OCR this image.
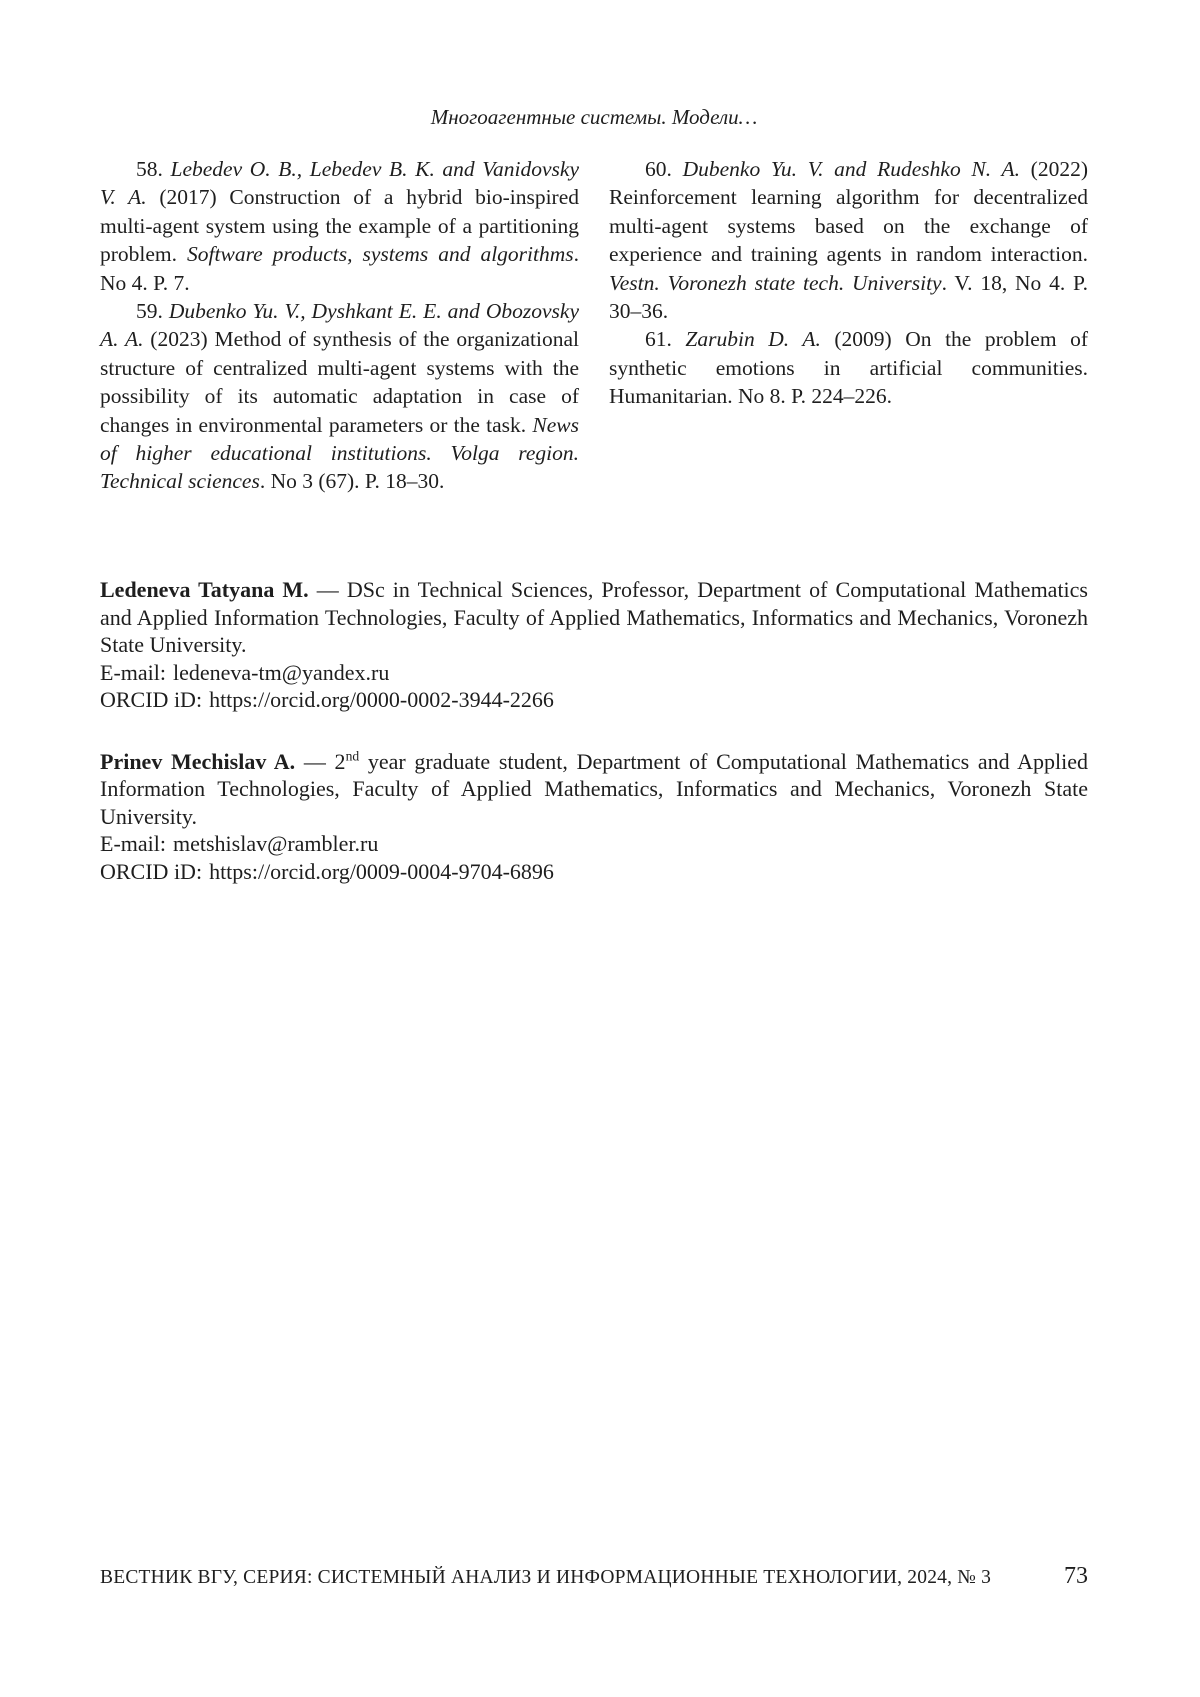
Многоагентные системы. Модели…

58. Lebedev O. B., Lebedev B. K. and Vanidovsky V. A. (2017) Construction of a hybrid bio-inspired multi-agent system using the example of a partitioning problem. Software products, systems and algorithms. No 4. P. 7.

59. Dubenko Yu. V., Dyshkant E. E. and Obozovsky A. A. (2023) Method of synthesis of the organizational structure of centralized multi-agent systems with the possibility of its automatic adaptation in case of changes in environmental parameters or the task. News of higher educational institutions. Volga region. Technical sciences. No 3 (67). P. 18–30.

60. Dubenko Yu. V. and Rudeshko N. A. (2022) Reinforcement learning algorithm for decentralized multi-agent systems based on the exchange of experience and training agents in random interaction. Vestn. Voronezh state tech. University. V. 18, No 4. P. 30–36.

61. Zarubin D. A. (2009) On the problem of synthetic emotions in artificial communities. Humanitarian. No 8. P. 224–226.

Ledeneva Tatyana M. — DSc in Technical Sciences, Professor, Department of Computational Mathematics and Applied Information Technologies, Faculty of Applied Mathematics, Informatics and Mechanics, Voronezh State University.

E-mail: ledeneva-tm@yandex.ru

ORCID iD: https://orcid.org/0000-0002-3944-2266

Prinev Mechislav A. — 2nd year graduate student, Department of Computational Mathematics and Applied Information Technologies, Faculty of Applied Mathematics, Informatics and Mechanics, Voronezh State University.

E-mail: metshislav@rambler.ru

ORCID iD: https://orcid.org/0009-0004-9704-6896

ВЕСТНИК ВГУ, СЕРИЯ: СИСТЕМНЫЙ АНАЛИЗ И ИНФОРМАЦИОННЫЕ ТЕХНОЛОГИИ, 2024, № 3	73
